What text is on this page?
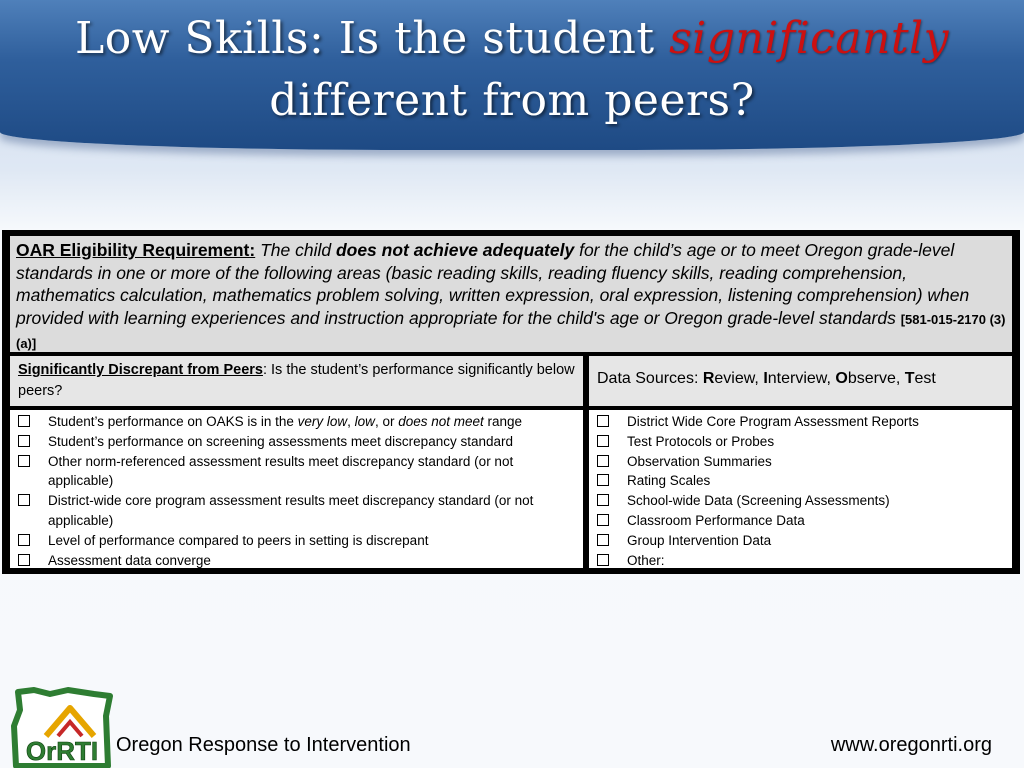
Low Skills: Is the student significantly
different from peers?
OAR Eligibility Requirement: The child does not achieve adequately for the child’s age or to meet Oregon grade-level standards in one or more of the following areas (basic reading skills, reading fluency skills, reading comprehension, mathematics calculation, mathematics problem solving, written expression, oral expression, listening comprehension) when provided with learning experiences and instruction appropriate for the child's age or Oregon grade-level standards [581-015-2170 (3)(a)]
Significantly Discrepant from Peers: Is the student’s performance significantly below peers?
Data Sources: Review, Interview, Observe, Test
Student’s performance on OAKS is in the very low, low, or does not meet range
Student’s performance on screening assessments meet discrepancy standard
Other norm-referenced assessment results meet discrepancy standard (or not applicable)
District-wide core program assessment results meet discrepancy standard (or not applicable)
Level of performance compared to peers in setting is discrepant
Assessment data converge
District Wide Core Program Assessment Reports
Test Protocols or Probes
Observation Summaries
Rating Scales
School-wide Data (Screening Assessments)
Classroom Performance Data
Group Intervention Data
Other:
OrRTI Oregon Response to Intervention	www.oregonrti.org
